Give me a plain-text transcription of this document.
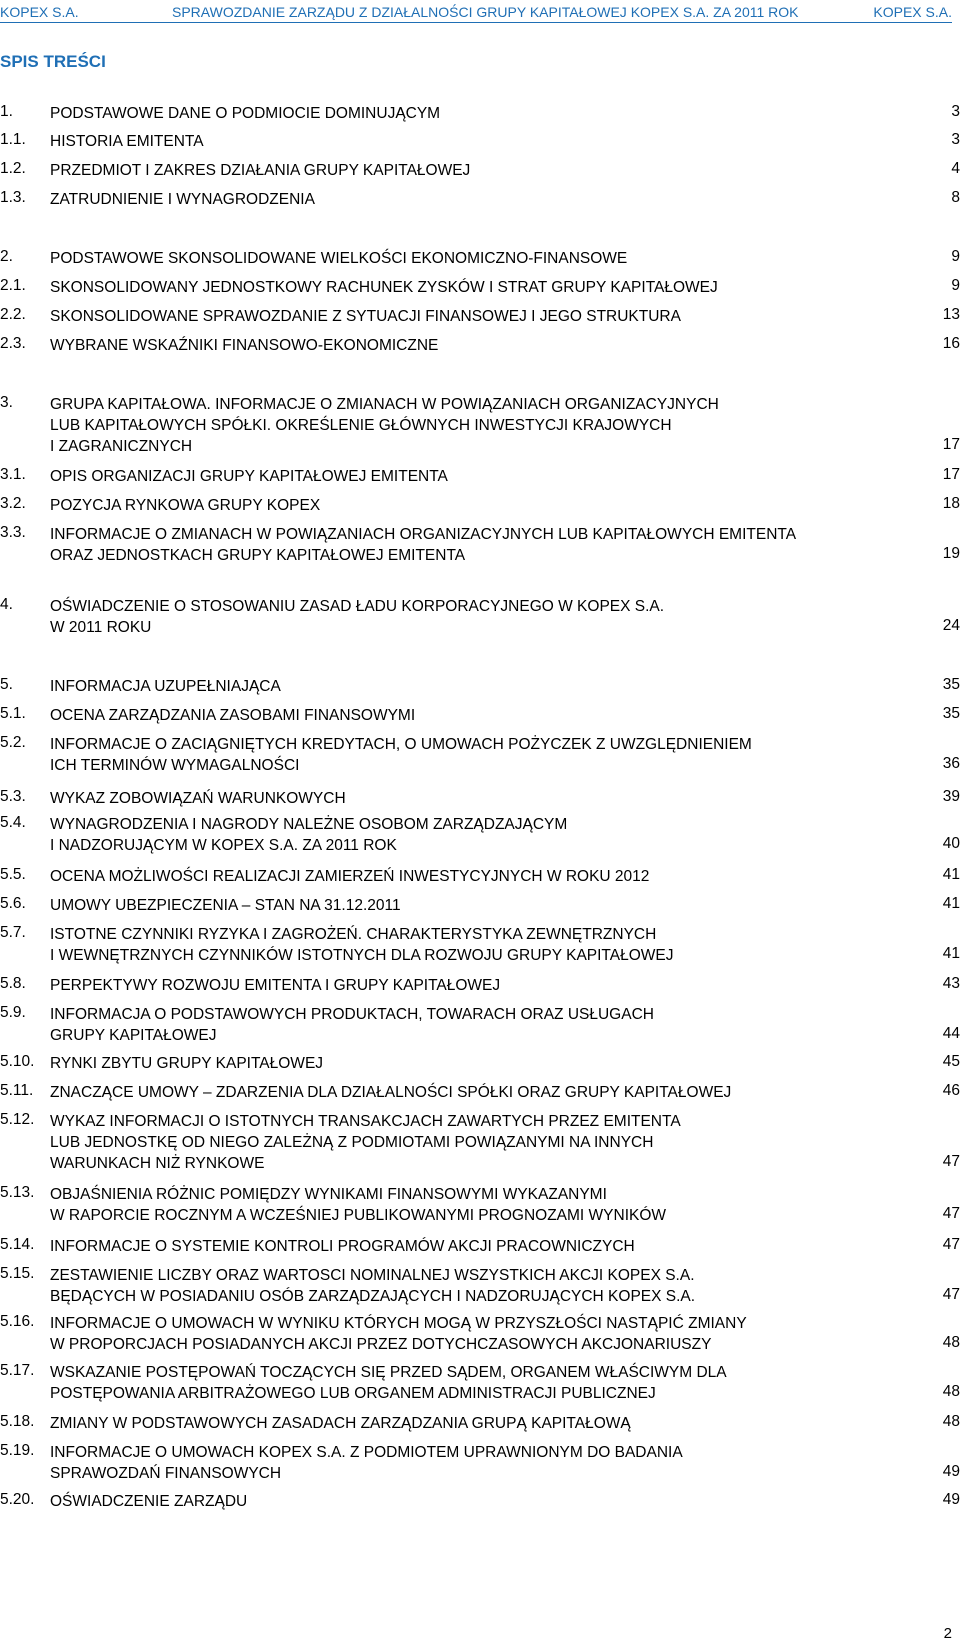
KOPEX S.A.	SPRAWOZDANIE ZARZĄDU Z DZIAŁALNOŚCI GRUPY KAPITAŁOWEJ KOPEX S.A. ZA 2011 ROK	KOPEX S.A.
SPIS TREŚCI
1. PODSTAWOWE DANE O PODMIOCIE DOMINUJĄCYM	3
1.1. HISTORIA EMITENTA	3
1.2. PRZEDMIOT I ZAKRES DZIAŁANIA GRUPY KAPITAŁOWEJ	4
1.3. ZATRUDNIENIE I WYNAGRODZENIA	8
2. PODSTAWOWE SKONSOLIDOWANE WIELKOŚCI EKONOMICZNO-FINANSOWE	9
2.1. SKONSOLIDOWANY JEDNOSTKOWY RACHUNEK ZYSKÓW I STRAT GRUPY KAPITAŁOWEJ	9
2.2. SKONSOLIDOWANE SPRAWOZDANIE Z SYTUACJI FINANSOWEJ I JEGO STRUKTURA	13
2.3. WYBRANE WSKAŹNIKI FINANSOWO-EKONOMICZNE	16
3. GRUPA KAPITAŁOWA. INFORMACJE O ZMIANACH W POWIĄZANIACH ORGANIZACYJNYCH
LUB KAPITAŁOWYCH SPÓŁKI. OKREŚLENIE GŁÓWNYCH INWESTYCJI KRAJOWYCH
I ZAGRANICZNYCH	17
3.1. OPIS ORGANIZACJI GRUPY KAPITAŁOWEJ EMITENTA	17
3.2. POZYCJA RYNKOWA GRUPY KOPEX	18
3.3. INFORMACJE O ZMIANACH W POWIĄZANIACH ORGANIZACYJNYCH LUB KAPITAŁOWYCH EMITENTA
ORAZ JEDNOSTKACH GRUPY KAPITAŁOWEJ EMITENTA	19
4. OŚWIADCZENIE O STOSOWANIU ZASAD ŁADU KORPORACYJNEGO W KOPEX S.A.
W 2011 ROKU	24
5. INFORMACJA UZUPEŁNIAJĄCA	35
5.1. OCENA ZARZĄDZANIA ZASOBAMI FINANSOWYMI	35
5.2. INFORMACJE O ZACIĄGNIĘTYCH KREDYTACH, O UMOWACH POŻYCZEK Z UWZGLĘDNIENIEM
ICH TERMINÓW WYMAGALNOŚCI	36
5.3. WYKAZ ZOBOWIĄZAŃ WARUNKOWYCH	39
5.4. WYNAGRODZENIA I NAGRODY NALEŻNE OSOBOM ZARZĄDZAJĄCYM
I NADZORUJĄCYM W KOPEX S.A. ZA 2011 ROK	40
5.5. OCENA MOŻLIWOŚCI REALIZACJI ZAMIERZEŃ INWESTYCYJNYCH W ROKU 2012	41
5.6. UMOWY UBEZPIECZENIA – STAN NA 31.12.2011	41
5.7. ISTOTNE CZYNNIKI RYZYKA I ZAGROŻEŃ. CHARAKTERYSTYKA ZEWNĘTRZNYCH
I WEWNĘTRZNYCH CZYNNIKÓW ISTOTNYCH DLA ROZWOJU GRUPY KAPITAŁOWEJ	41
5.8. PERPEKTYWY ROZWOJU EMITENTA I GRUPY KAPITAŁOWEJ	43
5.9. INFORMACJA O PODSTAWOWYCH PRODUKTACH, TOWARACH ORAZ USŁUGACH
GRUPY KAPITAŁOWEJ	44
5.10. RYNKI ZBYTU GRUPY KAPITAŁOWEJ	45
5.11. ZNACZĄCE UMOWY – ZDARZENIA DLA DZIAŁALNOŚCI SPÓŁKI ORAZ GRUPY KAPITAŁOWEJ	46
5.12. WYKAZ INFORMACJI O ISTOTNYCH TRANSAKCJACH ZAWARTYCH PRZEZ EMITENTA
LUB JEDNOSTKĘ OD NIEGO ZALEŻNĄ Z PODMIOTAMI POWIĄZANYMI NA INNYCH
WARUNKACH NIŻ RYNKOWE	47
5.13. OBJAŚNIENIA RÓŻNIC POMIĘDZY WYNIKAMI FINANSOWYMI WYKAZANYMI
W RAPORCIE ROCZNYM A WCZEŚNIEJ PUBLIKOWANYMI PROGNOZAMI WYNIKÓW	47
5.14. INFORMACJE O SYSTEMIE KONTROLI PROGRAMÓW AKCJI PRACOWNICZYCH	47
5.15. ZESTAWIENIE LICZBY ORAZ WARTOSCI NOMINALNEJ WSZYSTKICH AKCJI KOPEX S.A.
BĘDĄCYCH W POSIADANIU OSÓB ZARZĄDZAJĄCYCH I NADZORUJĄCYCH KOPEX S.A.	47
5.16. INFORMACJE O UMOWACH W WYNIKU KTÓRYCH MOGĄ W PRZYSZŁOŚCI NASTĄPIĆ ZMIANY
W PROPORCJACH POSIADANYCH AKCJI PRZEZ DOTYCHCZASOWYCH AKCJONARIUSZY	48
5.17. WSKAZANIE POSTĘPOWAŃ TOCZĄCYCH SIĘ PRZED SĄDEM, ORGANEM WŁAŚCIWYM DLA
POSTĘPOWANIA ARBITRAŻOWEGO LUB ORGANEM ADMINISTRACJI PUBLICZNEJ	48
5.18. ZMIANY W PODSTAWOWYCH ZASADACH ZARZĄDZANIA GRUPĄ KAPITAŁOWĄ	48
5.19. INFORMACJE O UMOWACH KOPEX S.A. Z PODMIOTEM UPRAWNIONYM DO BADANIA
SPRAWOZDAŃ FINANSOWYCH	49
5.20. OŚWIADCZENIE ZARZĄDU	49
2
